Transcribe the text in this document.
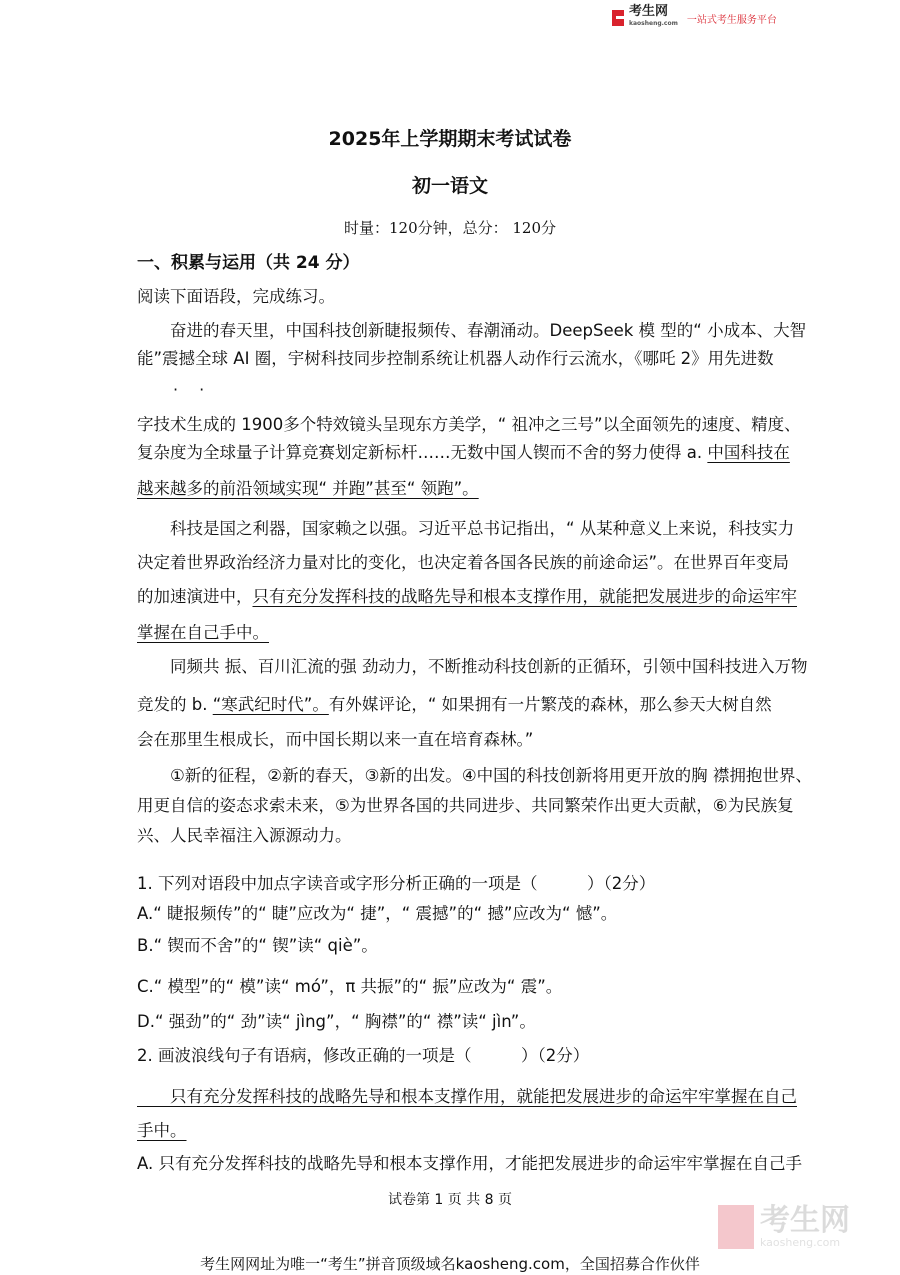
考生网
kaosheng.com 一站式考生服务平台
2025年上学期期末考试试卷
初一语文
时量：120分钟，总分： 120分
一、积累与运用（共 24 分）
阅读下面语段，完成练习。
· ·
　　奋进的春天里，中国科技创新睫报频传、春潮涌动。DeepSeek 模 型的“ 小成本、大智
能”震撼全球 AI 圈，宇树科技同步控制系统让机器人动作行云流水，《哪吒 2》用先进数
字技术生成的 1900多个特效镜头呈现东方美学，“ 祖冲之三号”以全面领先的速度、精度、
复杂度为全球量子计算竞赛划定新标杆……无数中国人锲而不舍的努力使得 a. 中国科技在
越来越多的前沿领域实现“ 并跑”甚至“ 领跑”。
　　科技是国之利器，国家赖之以强。习近平总书记指出，“ 从某种意义上来说，科技实力
决定着世界政治经济力量对比的变化，也决定着各国各民族的前途命运”。在世界百年变局
的加速演进中，只有充分发挥科技的战略先导和根本支撑作用，就能把发展进步的命运牢牢
掌握在自己手中。
　　同频共 振、百川汇流的强 劲动力，不断推动科技创新的正循环，引领中国科技进入万物
竞发的 b. “寒武纪时代”。有外媒评论，“ 如果拥有一片繁茂的森林，那么参天大树自然
会在那里生根成长，而中国长期以来一直在培育森林。”
　　①新的征程，②新的春天，③新的出发。④中国的科技创新将用更开放的胸 襟拥抱世界、
用更自信的姿态求索未来，⑤为世界各国的共同进步、共同繁荣作出更大贡献，⑥为民族复
兴、人民幸福注入源源动力。
1. 下列对语段中加点字读音或字形分析正确的一项是（　　　）（2分）
A.“ 睫报频传”的“ 睫”应改为“ 捷”，“ 震撼”的“ 撼”应改为“ 憾”。
B.“ 锲而不舍”的“ 锲”读“ qiè”。
C.“ 模型”的“ 模”读“ mó”，π 共振”的“ 振”应改为“ 震”。
D.“ 强劲”的“ 劲”读“ jìng”，“ 胸襟”的“ 襟”读“ jìn”。
2. 画波浪线句子有语病，修改正确的一项是（　　　）（2分）
　　只有充分发挥科技的战略先导和根本支撑作用，就能把发展进步的命运牢牢掌握在自己
手中。
A. 只有充分发挥科技的战略先导和根本支撑作用，才能把发展进步的命运牢牢掌握在自己手
试卷第 1 页 共 8 页
考生网
kaosheng.com
考生网网址为唯一“考生”拼音顶级域名kaosheng.com，全国招募合作伙伴
